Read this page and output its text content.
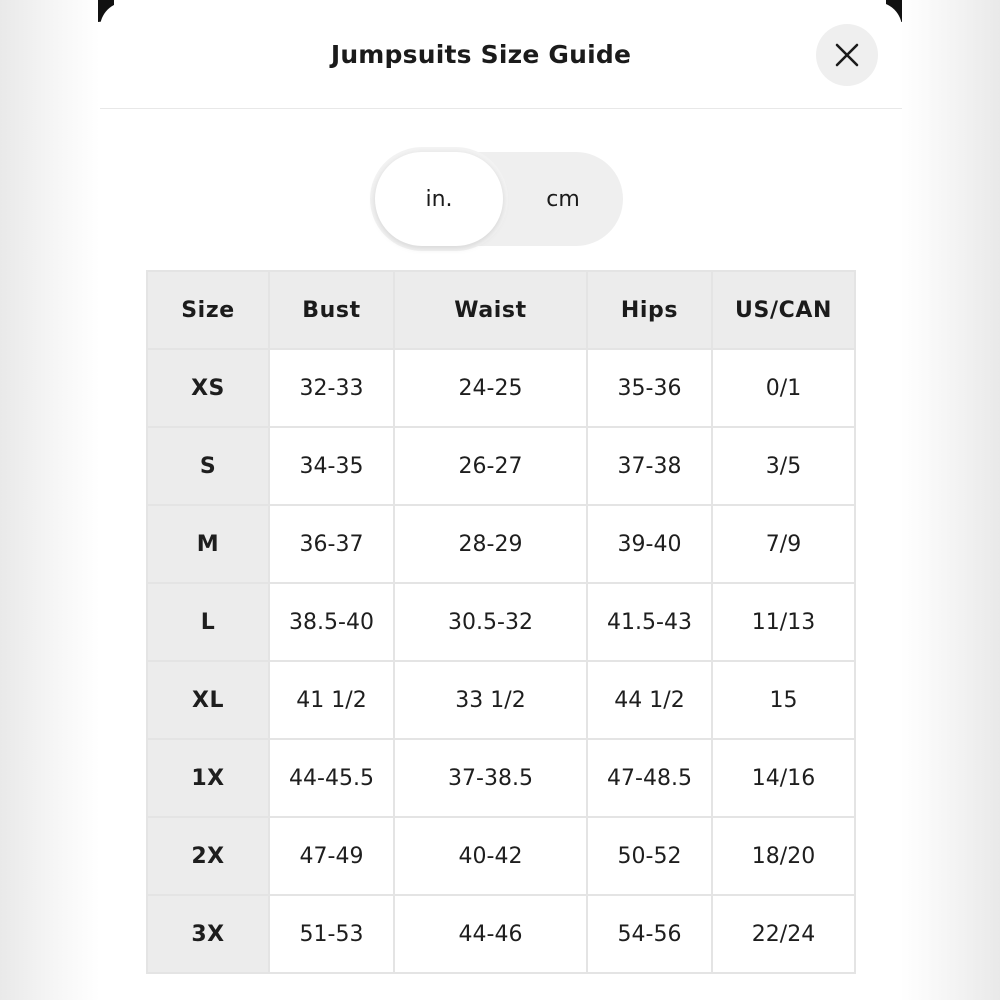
Jumpsuits Size Guide
in.	cm
Size	Bust	Waist	Hips	US/CAN
XS	32-33	24-25	35-36	0/1
S	34-35	26-27	37-38	3/5
M	36-37	28-29	39-40	7/9
L	38.5-40	30.5-32	41.5-43	11/13
XL	41 1/2	33 1/2	44 1/2	15
1X	44-45.5	37-38.5	47-48.5	14/16
2X	47-49	40-42	50-52	18/20
3X	51-53	44-46	54-56	22/24
